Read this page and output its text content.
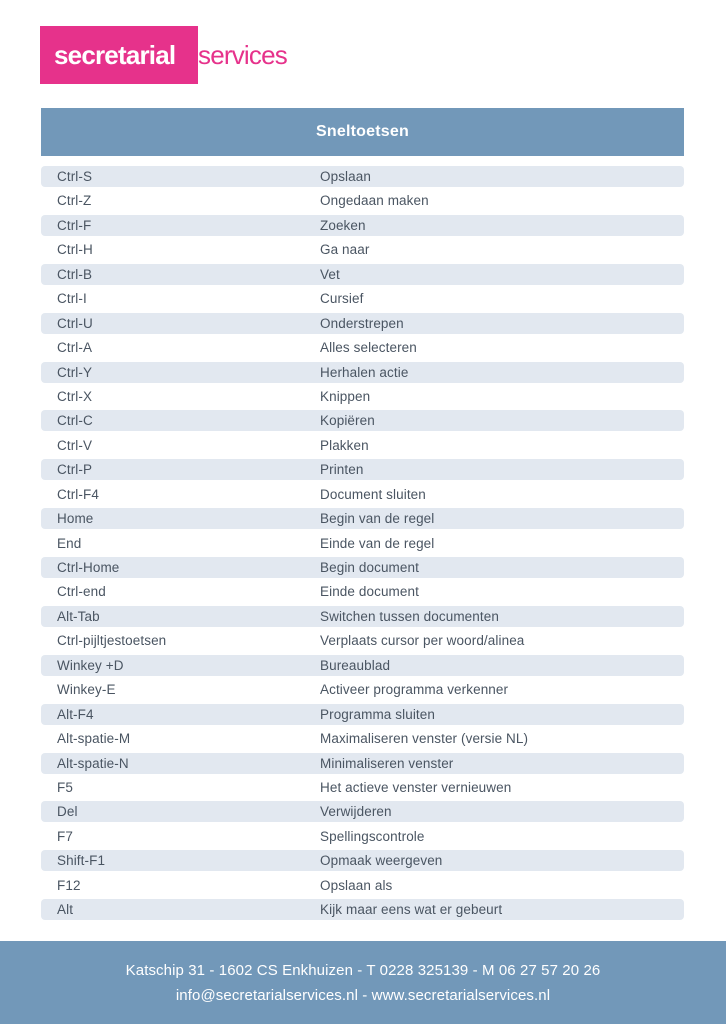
secretarial services
Sneltoetsen
Ctrl-S	Opslaan
Ctrl-Z	Ongedaan maken
Ctrl-F	Zoeken
Ctrl-H	Ga naar
Ctrl-B	Vet
Ctrl-I	Cursief
Ctrl-U	Onderstrepen
Ctrl-A	Alles selecteren
Ctrl-Y	Herhalen actie
Ctrl-X	Knippen
Ctrl-C	Kopiëren
Ctrl-V	Plakken
Ctrl-P	Printen
Ctrl-F4	Document sluiten
Home	Begin van de regel
End	Einde van de regel
Ctrl-Home	Begin document
Ctrl-end	Einde document
Alt-Tab	Switchen tussen documenten
Ctrl-pijltjestoetsen	Verplaats cursor per woord/alinea
Winkey +D	Bureaublad
Winkey-E	Activeer programma verkenner
Alt-F4	Programma sluiten
Alt-spatie-M	Maximaliseren venster (versie NL)
Alt-spatie-N	Minimaliseren venster
F5	Het actieve venster vernieuwen
Del	Verwijderen
F7	Spellingscontrole
Shift-F1	Opmaak weergeven
F12	Opslaan als
Alt	Kijk maar eens wat er gebeurt
Katschip 31 - 1602 CS Enkhuizen - T 0228 325139 - M 06 27 57 20 26
info@secretarialservices.nl - www.secretarialservices.nl
